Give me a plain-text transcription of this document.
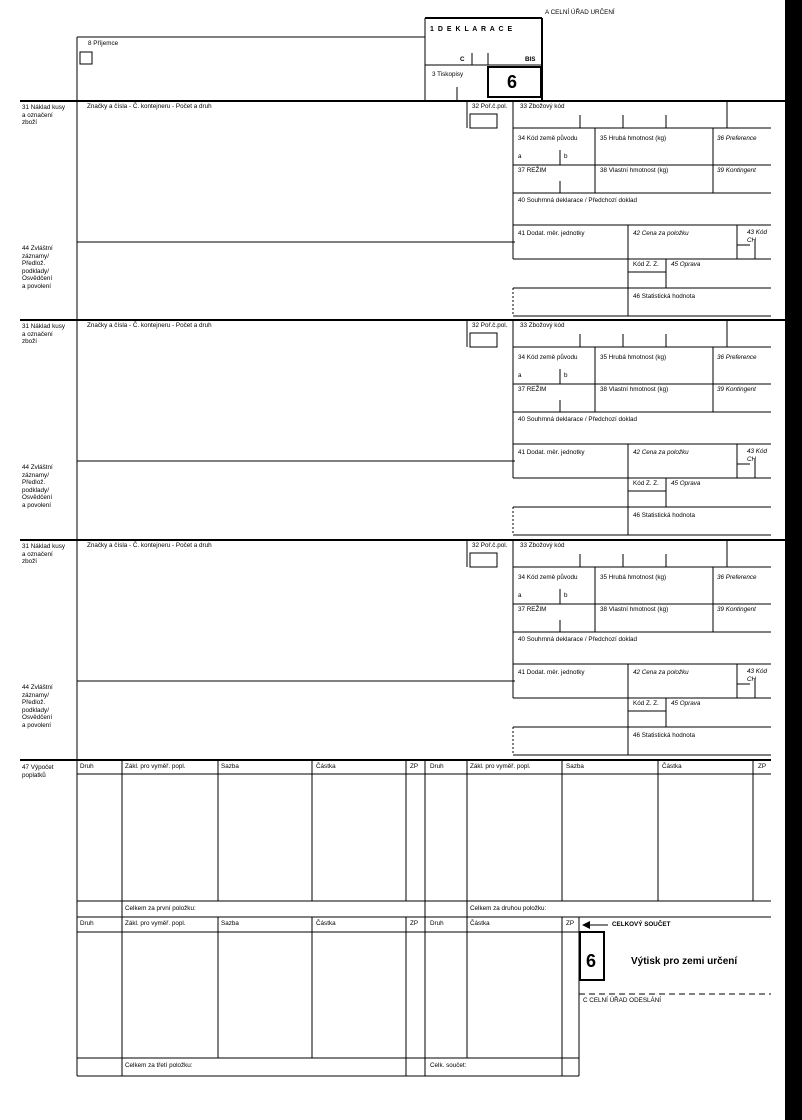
A CELNÍ ÚŘAD URČENÍ
1 D E K L A R A C E
C	BIS
8 Příjemce
3 Tiskopisy 6
31 Náklad kusy
a označení
zboží
Značky a čísla - Č. kontejneru - Počet a druh	32 Poř.č.pol. 33 Zbožový kód
34 Kód země původu
a	b
35 Hrubá hmotnost (kg)	36 Preference
37 REŽIM	38 Vlastní hmotnost (kg)	39 Kontingent
40 Souhrnná deklarace / Předchozí doklad
41 Dodat. měr. jednotky	42 Cena za položku	43 Kód
CH
Kód Z. Z. 45 Oprava
46 Statistická hodnota
44 Zvláštní
záznamy/
Předlož.
podklady/
Osvědčení
a povolení
31 Náklad kusy
a označení
zboží
Značky a čísla - Č. kontejneru - Počet a druh	32 Poř.č.pol. 33 Zbožový kód
34 Kód země původu
a	b
35 Hrubá hmotnost (kg)	36 Preference
37 REŽIM	38 Vlastní hmotnost (kg)	39 Kontingent
40 Souhrnná deklarace / Předchozí doklad
41 Dodat. měr. jednotky	42 Cena za položku	43 Kód
CH
Kód Z. Z. 45 Oprava
46 Statistická hodnota
44 Zvláštní
záznamy/
Předlož.
podklady/
Osvědčení
a povolení
31 Náklad kusy
a označení
zboží
Značky a čísla - Č. kontejneru - Počet a druh	32 Poř.č.pol. 33 Zbožový kód
34 Kód země původu
a	b
35 Hrubá hmotnost (kg)	36 Preference
37 REŽIM	38 Vlastní hmotnost (kg)	39 Kontingent
40 Souhrnná deklarace / Předchozí doklad
41 Dodat. měr. jednotky	42 Cena za položku	43 Kód
CH
Kód Z. Z. 45 Oprava
46 Statistická hodnota
44 Zvláštní
záznamy/
Předlož.
podklady/
Osvědčení
a povolení
47 Výpočet
poplatků
Druh	Zákl. pro vyměř. popl.	Sazba	Částka	ZP Druh	Zákl. pro vyměř. popl.	Sazba	Částka	ZP
Druh	Zákl. pro vyměř. popl.	Sazba	Částka	ZP Druh	Částka	ZP
Celkem za první položku:	Celkem za druhou položku:
Celkem za třetí položku:	Celk. součet:
CELKOVÝ SOUČET
6	Výtisk pro zemi určení
C CELNÍ ÚŘAD ODESLÁNÍ
